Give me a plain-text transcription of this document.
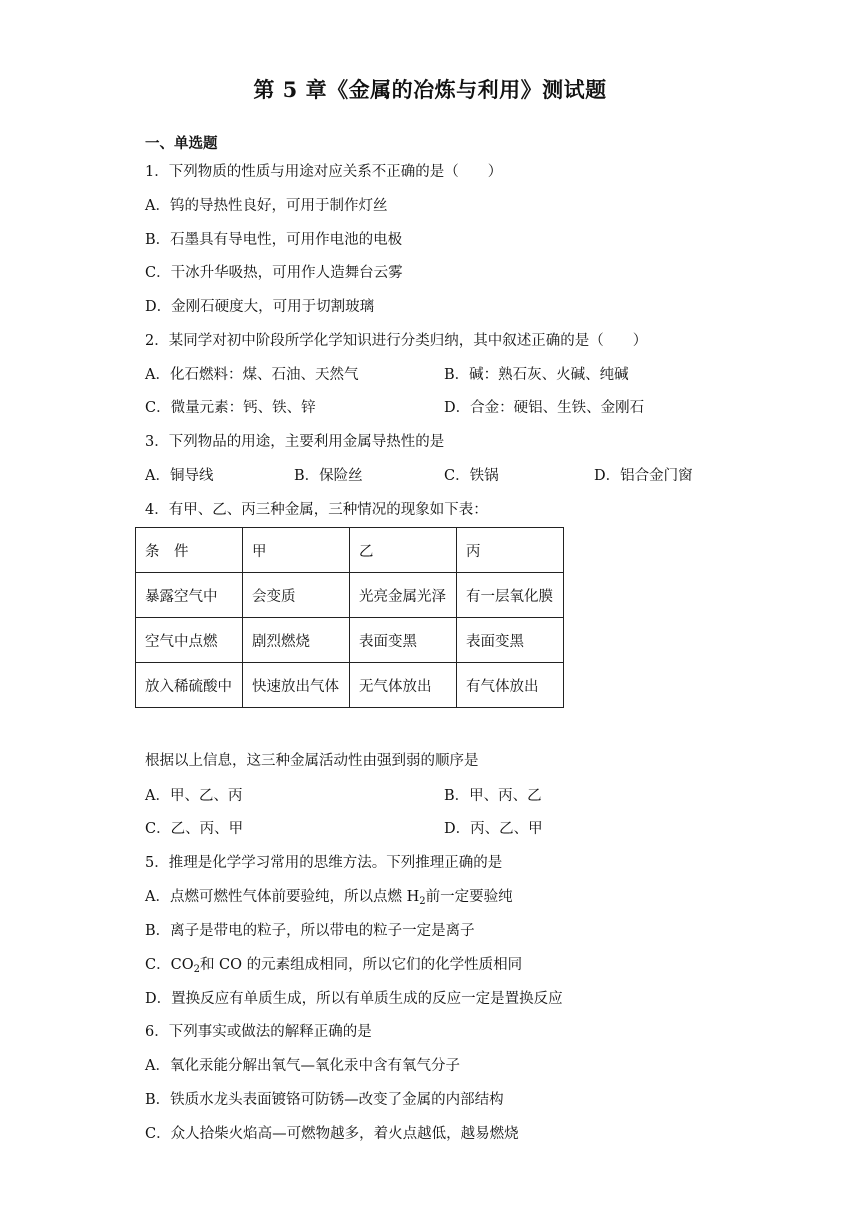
第 5 章《金属的冶炼与利用》测试题
一、单选题
1．下列物质的性质与用途对应关系不正确的是（　　）
A．钨的导热性良好，可用于制作灯丝
B．石墨具有导电性，可用作电池的电极
C．干冰升华吸热，可用作人造舞台云雾
D．金刚石硬度大，可用于切割玻璃
2．某同学对初中阶段所学化学知识进行分类归纳，其中叙述正确的是（　　）
A．化石燃料：煤、石油、天然气	B．碱：熟石灰、火碱、纯碱
C．微量元素：钙、铁、锌	D．合金：硬铝、生铁、金刚石
3．下列物品的用途，主要利用金属导热性的是
A．铜导线	B．保险丝	C．铁锅	D．铝合金门窗
4．有甲、乙、丙三种金属，三种情况的现象如下表：
条　件	甲	乙	丙
暴露空气中	会变质	光亮金属光泽	有一层氧化膜
空气中点燃	剧烈燃烧	表面变黑	表面变黑
放入稀硫酸中	快速放出气体	无气体放出	有气体放出
根据以上信息，这三种金属活动性由强到弱的顺序是
A．甲、乙、丙	B．甲、丙、乙
C．乙、丙、甲	D．丙、乙、甲
5．推理是化学学习常用的思维方法。下列推理正确的是
A．点燃可燃性气体前要验纯，所以点燃 $H_2$前一定要验纯
B．离子是带电的粒子，所以带电的粒子一定是离子
C．$CO_2$和 CO 的元素组成相同，所以它们的化学性质相同
D．置换反应有单质生成，所以有单质生成的反应一定是置换反应
6．下列事实或做法的解释正确的是
A．氧化汞能分解出氧气—氧化汞中含有氧气分子
B．铁质水龙头表面镀铬可防锈—改变了金属的内部结构
C．众人拾柴火焰高—可燃物越多，着火点越低，越易燃烧
